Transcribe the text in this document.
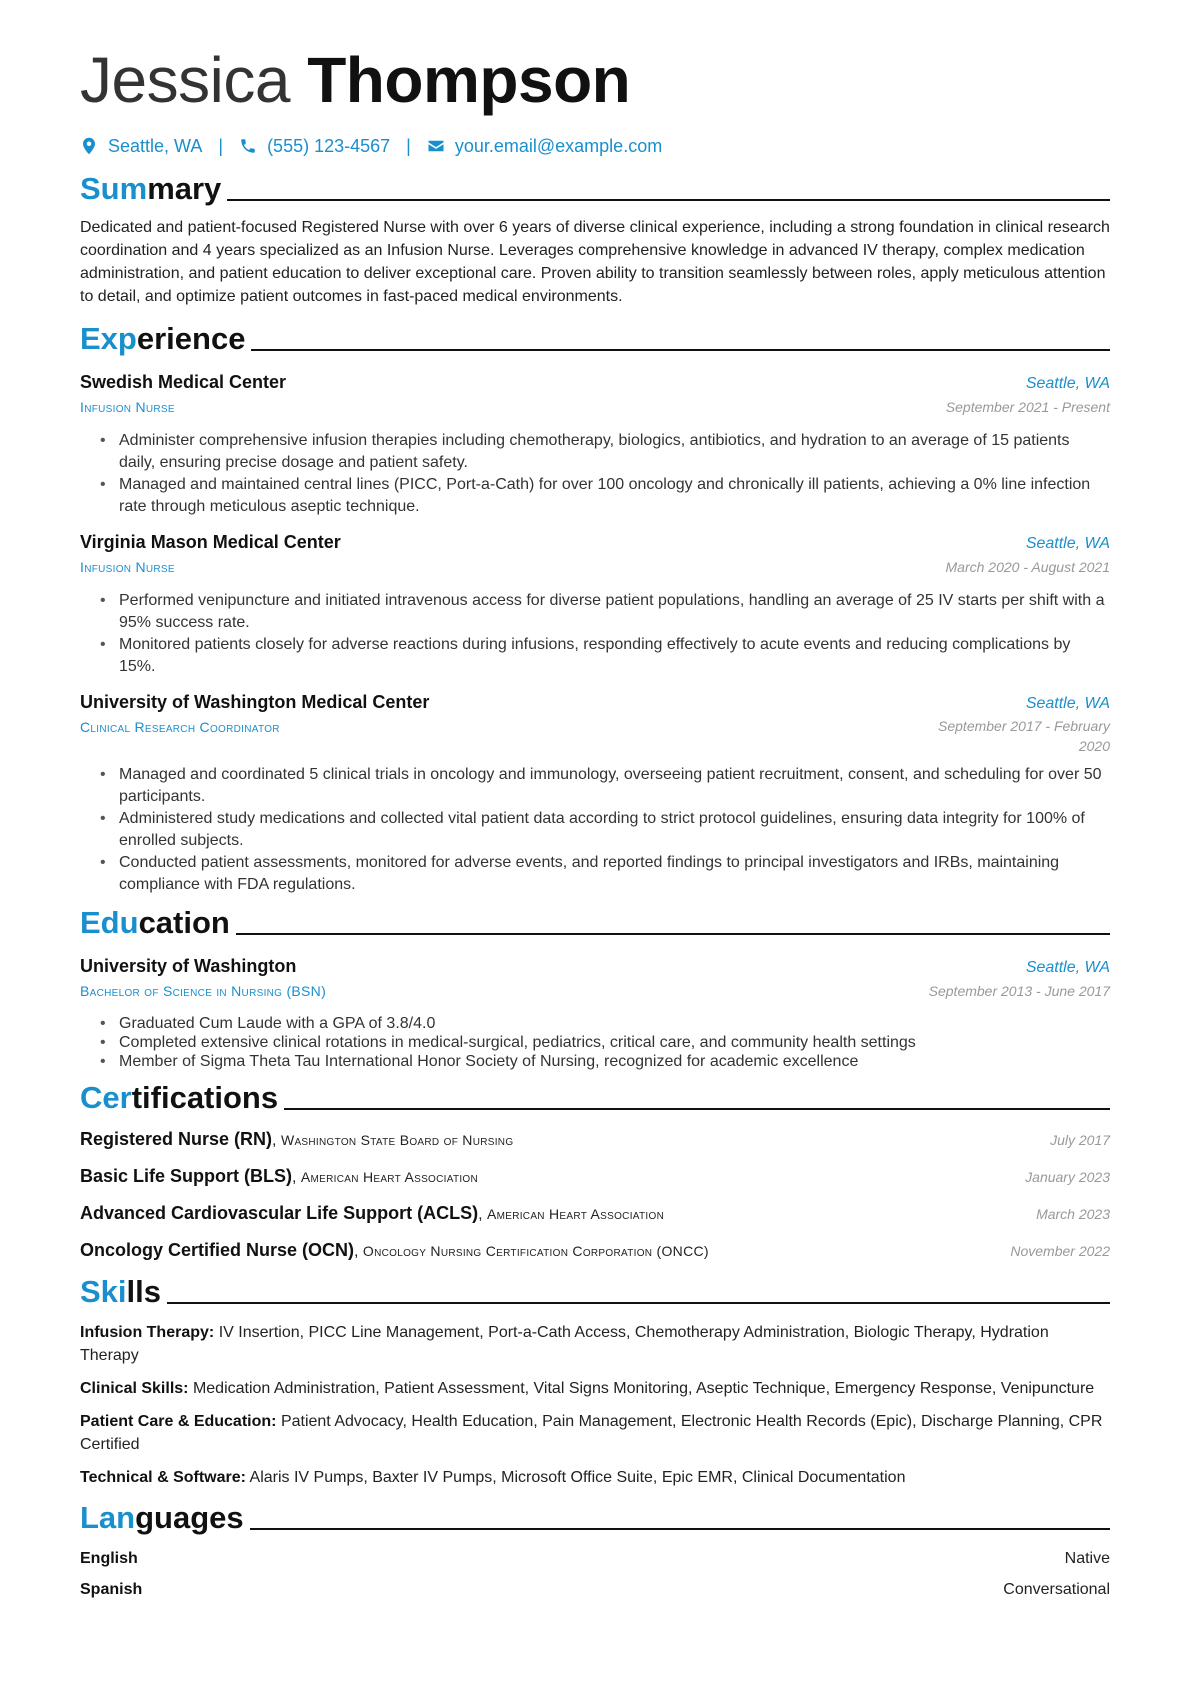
Jessica Thompson
Seattle, WA | (555) 123-4567 | your.email@example.com
Summary

Dedicated and patient-focused Registered Nurse with over 6 years of diverse clinical experience, including a strong foundation in clinical research coordination and 4 years specialized as an Infusion Nurse. Leverages comprehensive knowledge in advanced IV therapy, complex medication administration, and patient education to deliver exceptional care. Proven ability to transition seamlessly between roles, apply meticulous attention to detail, and optimize patient outcomes in fast-paced medical environments.

Experience
Swedish Medical Center	Seattle, WA
Infusion Nurse	September 2021 - Present
• Administer comprehensive infusion therapies including chemotherapy, biologics, antibiotics, and hydration to an average of 15 patients daily, ensuring precise dosage and patient safety.
• Managed and maintained central lines (PICC, Port-a-Cath) for over 100 oncology and chronically ill patients, achieving a 0% line infection rate through meticulous aseptic technique.
Virginia Mason Medical Center	Seattle, WA
Infusion Nurse	March 2020 - August 2021
• Performed venipuncture and initiated intravenous access for diverse patient populations, handling an average of 25 IV starts per shift with a 95% success rate.
• Monitored patients closely for adverse reactions during infusions, responding effectively to acute events and reducing complications by 15%.
University of Washington Medical Center	Seattle, WA
Clinical Research Coordinator	September 2017 - February 2020
• Managed and coordinated 5 clinical trials in oncology and immunology, overseeing patient recruitment, consent, and scheduling for over 50 participants.
• Administered study medications and collected vital patient data according to strict protocol guidelines, ensuring data integrity for 100% of enrolled subjects.
• Conducted patient assessments, monitored for adverse events, and reported findings to principal investigators and IRBs, maintaining compliance with FDA regulations.
Education
University of Washington	Seattle, WA
Bachelor of Science in Nursing (BSN)	September 2013 - June 2017
• Graduated Cum Laude with a GPA of 3.8/4.0
• Completed extensive clinical rotations in medical-surgical, pediatrics, critical care, and community health settings
• Member of Sigma Theta Tau International Honor Society of Nursing, recognized for academic excellence
Certifications
Registered Nurse (RN), Washington State Board of Nursing	July 2017
Basic Life Support (BLS), American Heart Association	January 2023
Advanced Cardiovascular Life Support (ACLS), American Heart Association	March 2023
Oncology Certified Nurse (OCN), Oncology Nursing Certification Corporation (ONCC)	November 2022
Skills
Infusion Therapy: IV Insertion, PICC Line Management, Port-a-Cath Access, Chemotherapy Administration, Biologic Therapy, Hydration Therapy
Clinical Skills: Medication Administration, Patient Assessment, Vital Signs Monitoring, Aseptic Technique, Emergency Response, Venipuncture
Patient Care & Education: Patient Advocacy, Health Education, Pain Management, Electronic Health Records (Epic), Discharge Planning, CPR Certified
Technical & Software: Alaris IV Pumps, Baxter IV Pumps, Microsoft Office Suite, Epic EMR, Clinical Documentation
Languages
English	Native
Spanish	Conversational
